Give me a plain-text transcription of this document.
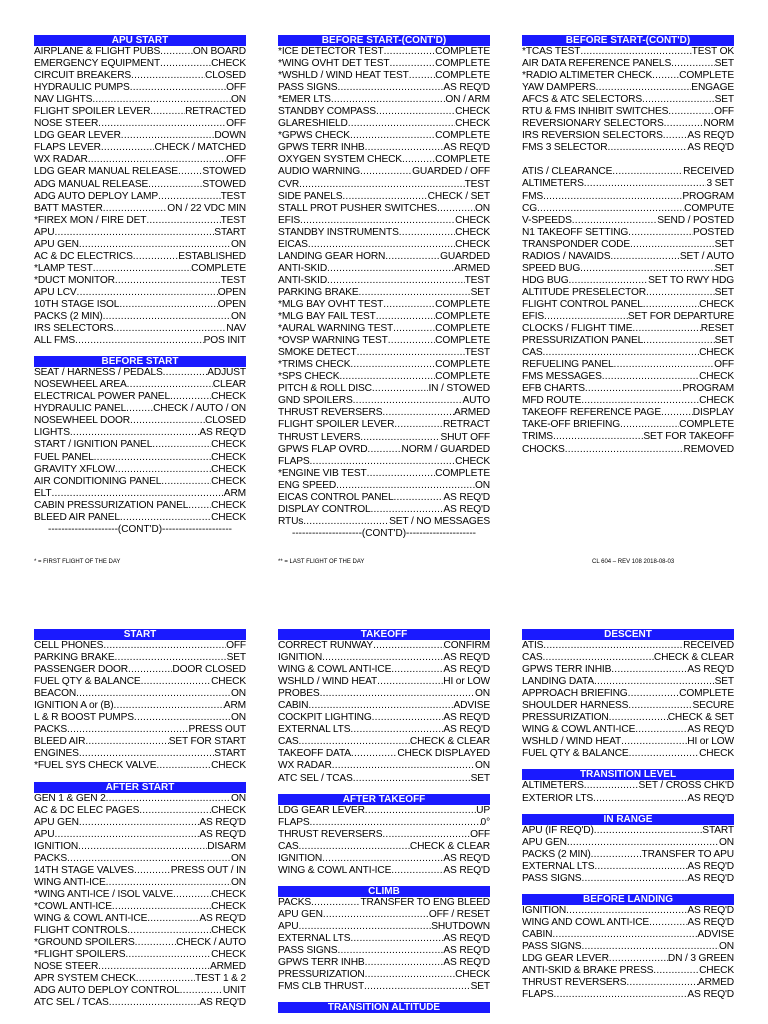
APU START
AIRPLANE & FLIGHT PUBS .....	ON BOARD
EMERGENCY EQUIPMENT .....	CHECK
CIRCUIT BREAKERS .....	CLOSED
HYDRAULIC PUMPS .....	OFF
NAV LIGHTS .....	ON
FLIGHT SPOILER LEVER .....	RETRACTED
NOSE STEER .....	OFF
LDG GEAR LEVER .....	DOWN
FLAPS LEVER .....	CHECK / MATCHED
WX RADAR .....	OFF
LDG GEAR MANUAL RELEASE ..... STOWED
ADG MANUAL RELEASE .....	STOWED
ADG AUTO DEPLOY LAMP .....	TEST
BATT MASTER .....	ON / 22 VDC MIN
*FIREX MON / FIRE DET .....	TEST
APU .....	START
APU GEN .....	ON
AC & DC ELECTRICS .....	ESTABLISHED
*LAMP TEST .....	COMPLETE
*DUCT MONITOR .....	TEST
APU LCV .....	OPEN
10TH STAGE ISOL .....	OPEN
PACKS (2 MIN) .....	ON
IRS SELECTORS .....	NAV
ALL FMS .....	POS INIT
BEFORE START
SEAT / HARNESS / PEDALS .....	ADJUST
NOSEWHEEL AREA .....	CLEAR
ELECTRICAL POWER PANEL .....	CHECK
HYDRAULIC PANEL .....	CHECK / AUTO / ON
NOSEWHEEL DOOR .....	CLOSED
LIGHTS .....	AS REQ'D
START / IGNITION PANEL .....	CHECK
FUEL PANEL .....	CHECK
GRAVITY XFLOW .....	CHECK
AIR CONDITIONING PANEL .....	CHECK
ELT .....	ARM
CABIN PRESSURIZATION PANEL ..... CHECK
BLEED AIR PANEL .....	CHECK
---------------------(CONT'D)---------------------
BEFORE START-(CONT'D)
*ICE DETECTOR TEST .....	COMPLETE
*WING OVHT DET TEST .....	COMPLETE
*WSHLD / WIND HEAT TEST .....	COMPLETE
PASS SIGNS .....	AS REQ'D
*EMER LTS .....	ON / ARM
STANDBY COMPASS .....	CHECK
GLARESHIELD .....	CHECK
*GPWS CHECK .....	COMPLETE
GPWS TERR INHB .....	AS REQ'D
OXYGEN SYSTEM CHECK .....	COMPLETE
AUDIO WARNING .....	GUARDED / OFF
CVR .....	TEST
SIDE PANELS .....	CHECK / SET
STALL PROT PUSHER SWITCHES .....	ON
EFIS .....	CHECK
STANDBY INSTRUMENTS .....	CHECK
EICAS .....	CHECK
LANDING GEAR HORN .....	GUARDED
ANTI-SKID .....	ARMED
ANTI-SKID .....	TEST
PARKING BRAKE .....	SET
*MLG BAY OVHT TEST .....	COMPLETE
*MLG BAY FAIL TEST .....	COMPLETE
*AURAL WARNING TEST .....	COMPLETE
*OVSP WARNING TEST .....	COMPLETE
SMOKE DETECT .....	TEST
*TRIMS CHECK .....	COMPLETE
*SPS CHECK .....	COMPLETE
PITCH & ROLL DISC .....	IN / STOWED
GND SPOILERS .....	AUTO
THRUST REVERSERS .....	ARMED
FLIGHT SPOILER LEVER .....	RETRACT
THRUST LEVERS .....	SHUT OFF
GPWS FLAP OVRD .....	NORM / GUARDED
FLAPS .....	CHECK
*ENGINE VIB TEST .....	COMPLETE
ENG SPEED .....	ON
EICAS CONTROL PANEL .....	AS REQ'D
DISPLAY CONTROL .....	AS REQ'D
RTUs .....	SET / NO MESSAGES
---------------------(CONT'D)---------------------
BEFORE START-(CONT'D)
*TCAS TEST .....	TEST OK
AIR DATA REFERENCE PANELS .....	SET
*RADIO ALTIMETER CHECK .....	COMPLETE
YAW DAMPERS .....	ENGAGE
AFCS & ATC SELECTORS .....	SET
RTU & FMS INHIBIT SWITCHES .....	OFF
REVERSIONARY SELECTORS .....	NORM
IRS REVERSION SELECTORS ..... AS REQ'D
FMS 3 SELECTOR .....	AS REQ'D
ATIS / CLEARANCE .....	RECEIVED
ALTIMETERS .....	3 SET
FMS .....	PROGRAM
CG .....	COMPUTE
V-SPEEDS .....	SEND / POSTED
N1 TAKEOFF SETTING .....	POSTED
TRANSPONDER CODE .....	SET
RADIOS / NAVAIDS .....	SET / AUTO
SPEED BUG .....	SET
HDG BUG .....	SET TO RWY HDG
ALTITUDE PRESELECTOR .....	SET
FLIGHT CONTROL PANEL .....	CHECK
EFIS .....	SET FOR DEPARTURE
CLOCKS / FLIGHT TIME .....	RESET
PRESSURIZATION PANEL .....	SET
CAS .....	CHECK
REFUELING PANEL .....	OFF
FMS MESSAGES .....	CHECK
EFB CHARTS .....	PROGRAM
MFD ROUTE .....	CHECK
TAKEOFF REFERENCE PAGE .....	DISPLAY
TAKE-OFF BRIEFING .....	COMPLETE
TRIMS .....	SET FOR TAKEOFF
CHOCKS .....	REMOVED
* = FIRST FLIGHT OF THE DAY	** = LAST FLIGHT OF THE DAY	CL 604 – REV 108 2018-08-03
START
CELL PHONES .....	OFF
PARKING BRAKE .....	SET
PASSENGER DOOR .....	DOOR CLOSED
FUEL QTY & BALANCE .....	CHECK
BEACON .....	ON
IGNITION A or (B) .....	ARM
L & R BOOST PUMPS .....	ON
PACKS .....	PRESS OUT
BLEED AIR .....	SET FOR START
ENGINES .....	START
*FUEL SYS CHECK VALVE .....	CHECK
AFTER START
GEN 1 & GEN 2 .....	ON
AC & DC ELEC PAGES .....	CHECK
APU GEN .....	AS REQ'D
APU .....	AS REQ'D
IGNITION .....	DISARM
PACKS .....	ON
14TH STAGE VALVES .....	PRESS OUT / IN
WING ANTI-ICE .....	ON
*WING ANTI-ICE / ISOL VALVE .....	CHECK
*COWL ANTI-ICE .....	CHECK
WING & COWL ANTI-ICE .....	AS REQ'D
FLIGHT CONTROLS .....	CHECK
*GROUND SPOILERS .....	CHECK / AUTO
*FLIGHT SPOILERS .....	CHECK
NOSE STEER .....	ARMED
APR SYSTEM CHECK .....	TEST 1 & 2
ADG AUTO DEPLOY CONTROL .....	UNIT
ATC SEL / TCAS .....	AS REQ'D
TAKEOFF
CORRECT RUNWAY .....	CONFIRM
IGNITION .....	AS REQ'D
WING & COWL ANTI-ICE .....	AS REQ'D
WSHLD / WIND HEAT .....	HI or LOW
PROBES .....	ON
CABIN .....	ADVISE
COCKPIT LIGHTING .....	AS REQ'D
EXTERNAL LTS .....	AS REQ'D
CAS .....	CHECK & CLEAR
TAKEOFF DATA .....	CHECK DISPLAYED
WX RADAR .....	ON
ATC SEL / TCAS .....	SET
AFTER TAKEOFF
LDG GEAR LEVER .....	UP
FLAPS .....	0°
THRUST REVERSERS .....	OFF
CAS .....	CHECK & CLEAR
IGNITION .....	AS REQ'D
WING & COWL ANTI-ICE .....	AS REQ'D
CLIMB
PACKS .....	TRANSFER TO ENG BLEED
APU GEN .....	OFF / RESET
APU .....	SHUTDOWN
EXTERNAL LTS .....	AS REQ'D
PASS SIGNS .....	AS REQ'D
GPWS TERR INHB .....	AS REQ'D
PRESSURIZATION .....	CHECK
FMS CLB THRUST .....	SET
TRANSITION ALTITUDE
DESCENT
ATIS .....	RECEIVED
CAS .....	CHECK & CLEAR
GPWS TERR INHIB .....	AS REQ'D
LANDING DATA .....	SET
APPROACH BRIEFING .....	COMPLETE
SHOULDER HARNESS .....	SECURE
PRESSURIZATION .....	CHECK & SET
WING & COWL ANTI-ICE .....	AS REQ'D
WSHLD / WIND HEAT .....	HI or LOW
FUEL QTY & BALANCE .....	CHECK
TRANSITION LEVEL
ALTIMETERS .....	SET / CROSS CHK'D
EXTERIOR LTS .....	AS REQ'D
IN RANGE
APU (IF REQ'D) .....	START
APU GEN .....	ON
PACKS (2 MIN) .....	TRANSFER TO APU
EXTERNAL LTS .....	AS REQ'D
PASS SIGNS .....	AS REQ'D
BEFORE LANDING
IGNITION .....	AS REQ'D
WING AND COWL ANTI-ICE .....	AS REQ'D
CABIN .....	ADVISE
PASS SIGNS .....	ON
LDG GEAR LEVER .....	DN / 3 GREEN
ANTI-SKID & BRAKE PRESS .....	CHECK
THRUST REVERSERS .....	ARMED
FLAPS .....	AS REQ'D
